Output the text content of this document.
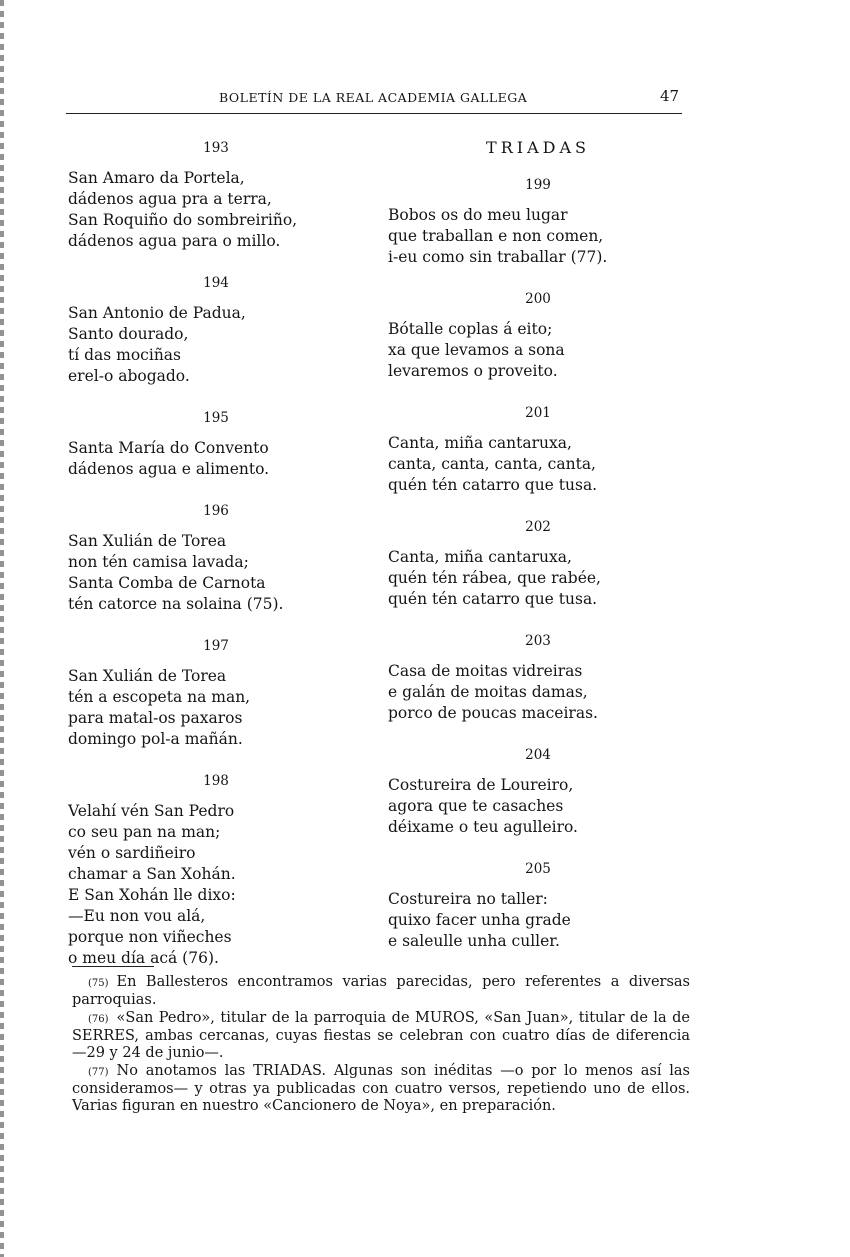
BOLETÍN DE LA REAL ACADEMIA GALLEGA	47
193
San Amaro da Portela,
dádenos agua pra a terra,
San Roquiño do sombreiriño,
dádenos agua para o millo.
194
San Antonio de Padua,
Santo dourado,
tí das mociñas
erel-o abogado.
195
Santa María do Convento
dádenos agua e alimento.
196
San Xulián de Torea
non tén camisa lavada;
Santa Comba de Carnota
tén catorce na solaina (75).
197
San Xulián de Torea
tén a escopeta na man,
para matal-os paxaros
domingo pol-a mañán.
198
Velahí vén San Pedro
co seu pan na man;
vén o sardiñeiro
chamar a San Xohán.
E San Xohán lle dixo:
—Eu non vou alá,
porque non viñeches
o meu día acá (76).
TRIADAS
199
Bobos os do meu lugar
que traballan e non comen,
i-eu como sin traballar (77).
200
Bótalle coplas á eito;
xa que levamos a sona
levaremos o proveito.
201
Canta, miña cantaruxa,
canta, canta, canta, canta,
quén tén catarro que tusa.
202
Canta, miña cantaruxa,
quén tén rábea, que rabée,
quén tén catarro que tusa.
203
Casa de moitas vidreiras
e galán de moitas damas,
porco de poucas maceiras.
204
Costureira de Loureiro,
agora que te casaches
déixame o teu agulleiro.
205
Costureira no taller:
quixo facer unha grade
e saleulle unha culler.

(75) En Ballesteros encontramos varias parecidas, pero referentes a diversas parroquias.

(76) «San Pedro», titular de la parroquia de MUROS, «San Juan», titular de la de SERRES, ambas cercanas, cuyas fiestas se celebran con cuatro días de diferencia —29 y 24 de junio—.

(77) No anotamos las TRIADAS. Algunas son inéditas —o por lo menos así las consideramos— y otras ya publicadas con cuatro versos, repetiendo uno de ellos. Varias figuran en nuestro «Cancionero de Noya», en preparación.
